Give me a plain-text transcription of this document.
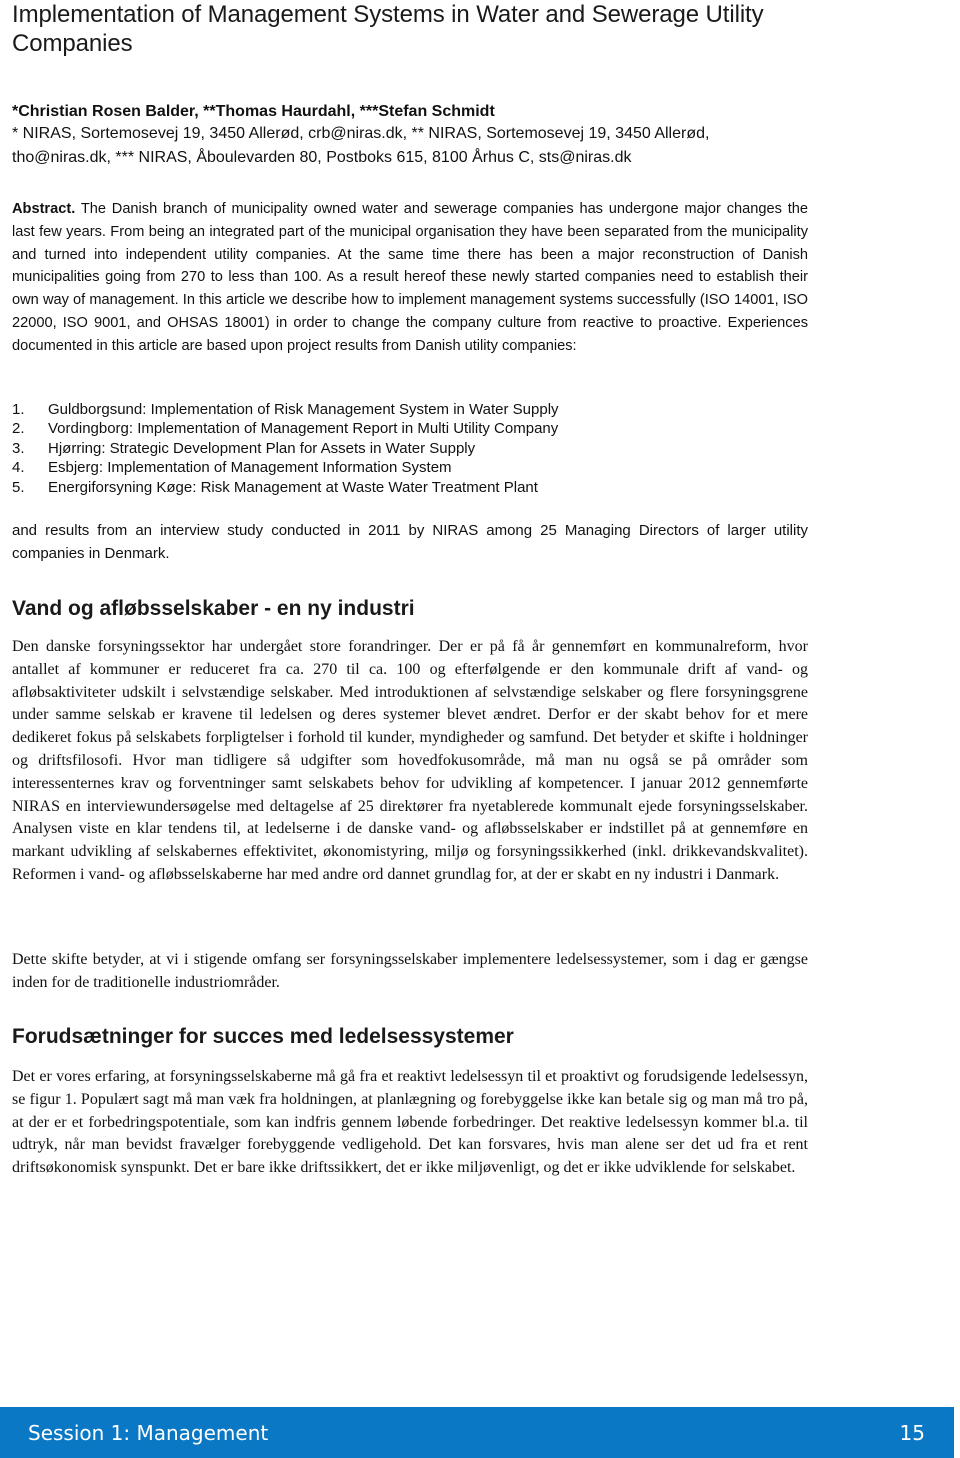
Implementation of Management Systems in Water and Sewerage Utility Companies

*Christian Rosen Balder, **Thomas Haurdahl, ***Stefan Schmidt

* NIRAS, Sortemosevej 19, 3450 Allerød, crb@niras.dk, ** NIRAS, Sortemosevej 19, 3450 Allerød, tho@niras.dk, *** NIRAS, Åboulevarden 80, Postboks 615, 8100 Århus C, sts@niras.dk

Abstract. The Danish branch of municipality owned water and sewerage companies has undergone major changes the last few years. From being an integrated part of the municipal organisation they have been separated from the municipality and turned into independent utility companies. At the same time there has been a major reconstruction of Danish municipalities going from 270 to less than 100. As a result hereof these newly started companies need to establish their own way of management. In this article we describe how to implement management systems successfully (ISO 14001, ISO 22000, ISO 9001, and OHSAS 18001) in order to change the company culture from reactive to proactive. Experiences documented in this article are based upon project results from Danish utility companies:

1. Guldborgsund: Implementation of Risk Management System in Water Supply
2. Vordingborg: Implementation of Management Report in Multi Utility Company
3. Hjørring: Strategic Development Plan for Assets in Water Supply
4. Esbjerg: Implementation of Management Information System
5. Energiforsyning Køge: Risk Management at Waste Water Treatment Plant

and results from an interview study conducted in 2011 by NIRAS among 25 Managing Directors of larger utility companies in Denmark.

Vand og afløbsselskaber - en ny industri

Den danske forsyningssektor har undergået store forandringer. Der er på få år gennemført en kommunalreform, hvor antallet af kommuner er reduceret fra ca. 270 til ca. 100 og efterfølgende er den kommunale drift af vand- og afløbsaktiviteter udskilt i selvstændige selskaber. Med introduktionen af selvstændige selskaber og flere forsyningsgrene under samme selskab er kravene til ledelsen og deres systemer blevet ændret. Derfor er der skabt behov for et mere dedikeret fokus på selskabets forpligtelser i forhold til kunder, myndigheder og samfund. Det betyder et skifte i holdninger og driftsfilosofi. Hvor man tidligere så udgifter som hovedfokusområde, må man nu også se på områder som interessenternes krav og forventninger samt selskabets behov for udvikling af kompetencer. I januar 2012 gennemførte NIRAS en interviewundersøgelse med deltagelse af 25 direktører fra nyetablerede kommunalt ejede forsyningsselskaber. Analysen viste en klar tendens til, at ledelserne i de danske vand- og afløbsselskaber er indstillet på at gennemføre en markant udvikling af selskabernes effektivitet, økonomistyring, miljø og forsyningssikkerhed (inkl. drikkevandskvalitet). Reformen i vand- og afløbsselskaberne har med andre ord dannet grundlag for, at der er skabt en ny industri i Danmark.

Dette skifte betyder, at vi i stigende omfang ser forsyningsselskaber implementere ledelsessystemer, som i dag er gængse inden for de traditionelle industriområder.

Forudsætninger for succes med ledelsessystemer

Det er vores erfaring, at forsyningsselskaberne må gå fra et reaktivt ledelsessyn til et proaktivt og forudsigende ledelsessyn, se figur 1. Populært sagt må man væk fra holdningen, at planlægning og forebyggelse ikke kan betale sig og man må tro på, at der er et forbedringspotentiale, som kan indfris gennem løbende forbedringer. Det reaktive ledelsessyn kommer bl.a. til udtryk, når man bevidst fravælger forebyggende vedligehold. Det kan forsvares, hvis man alene ser det ud fra et rent driftsøkonomisk synspunkt. Det er bare ikke driftssikkert, det er ikke miljøvenligt, og det er ikke udviklende for selskabet.

Session 1: Management	15
